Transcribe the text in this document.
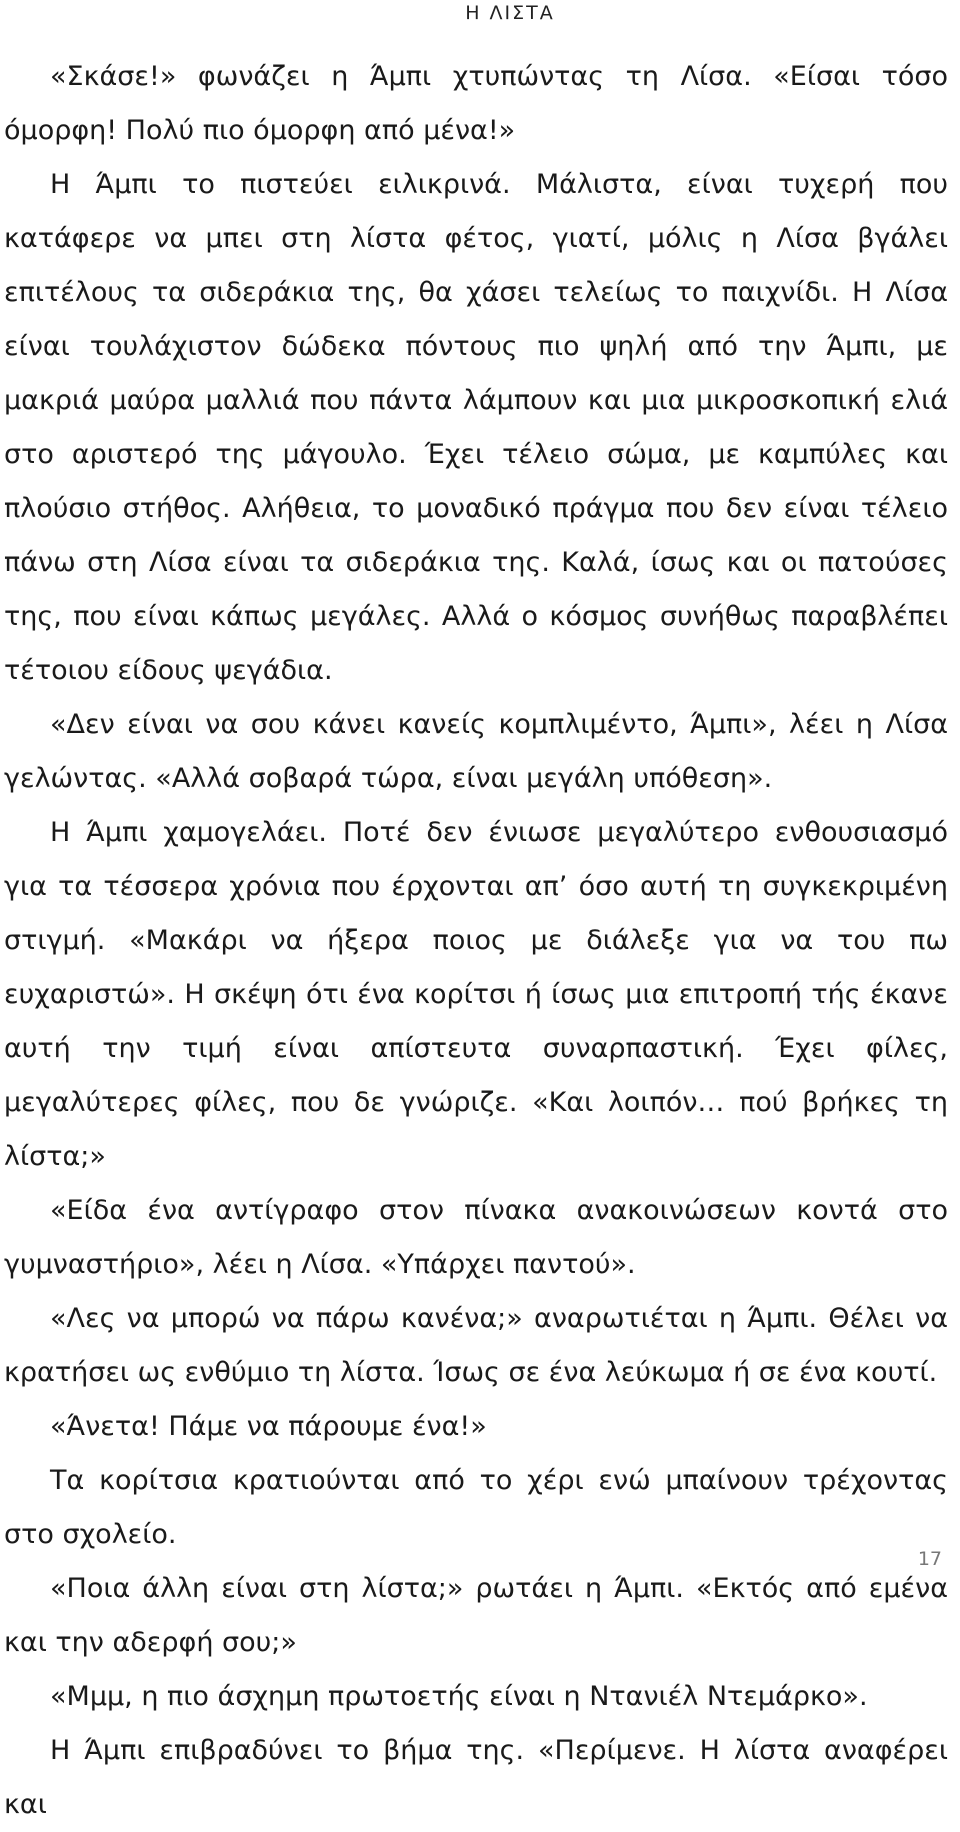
Η ΛΙΣΤΑ

«Σκάσε!» φωνάζει η Άμπι χτυπώντας τη Λίσα. «Είσαι τόσο όμορφη! Πολύ πιο όμορφη από μένα!»

Η Άμπι το πιστεύει ειλικρινά. Μάλιστα, είναι τυχερή που κατάφερε να μπει στη λίστα φέτος, γιατί, μόλις η Λίσα βγάλει επιτέλους τα σιδεράκια της, θα χάσει τελείως το παιχνίδι. Η Λίσα είναι τουλάχιστον δώδεκα πόντους πιο ψηλή από την Άμπι, με μακριά μαύρα μαλλιά που πάντα λάμπουν και μια μικροσκοπική ελιά στο αριστερό της μάγουλο. Έχει τέλειο σώμα, με καμπύλες και πλούσιο στήθος. Αλήθεια, το μοναδικό πράγμα που δεν είναι τέλειο πάνω στη Λίσα είναι τα σιδεράκια της. Καλά, ίσως και οι πατούσες της, που είναι κάπως μεγάλες. Αλλά ο κόσμος συνήθως παραβλέπει τέτοιου είδους ψεγάδια.

«Δεν είναι να σου κάνει κανείς κομπλιμέντο, Άμπι», λέει η Λίσα γελώντας. «Αλλά σοβαρά τώρα, είναι μεγάλη υπόθεση».

Η Άμπι χαμογελάει. Ποτέ δεν ένιωσε μεγαλύτερο ενθουσιασμό για τα τέσσερα χρόνια που έρχονται απ’ όσο αυτή τη συγκεκριμένη στιγμή. «Μακάρι να ήξερα ποιος με διάλεξε για να του πω ευχαριστώ». Η σκέψη ότι ένα κορίτσι ή ίσως μια επιτροπή τής έκανε αυτή την τιμή είναι απίστευτα συναρπαστική. Έχει φίλες, μεγαλύτερες φίλες, που δε γνώριζε. «Και λοιπόν… πού βρήκες τη λίστα;»

«Είδα ένα αντίγραφο στον πίνακα ανακοινώσεων κοντά στο γυμναστήριο», λέει η Λίσα. «Υπάρχει παντού».

«Λες να μπορώ να πάρω κανένα;» αναρωτιέται η Άμπι. Θέλει να κρατήσει ως ενθύμιο τη λίστα. Ίσως σε ένα λεύκωμα ή σε ένα κουτί.

«Άνετα! Πάμε να πάρουμε ένα!»

Τα κορίτσια κρατιούνται από το χέρι ενώ μπαίνουν τρέχοντας στο σχολείο.

«Ποια άλλη είναι στη λίστα;» ρωτάει η Άμπι. «Εκτός από εμένα και την αδερφή σου;»

«Μμμ, η πιο άσχημη πρωτοετής είναι η Ντανιέλ Ντεμάρκο».

Η Άμπι επιβραδύνει το βήμα της. «Περίμενε. Η λίστα αναφέρει και

17
